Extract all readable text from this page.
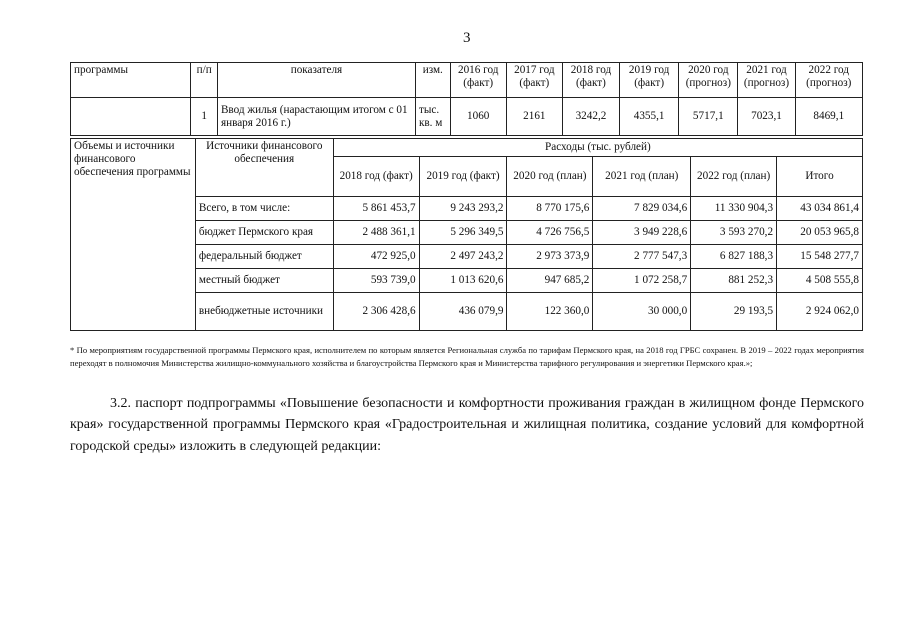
3
программы	п/п	показателя	изм.	2016 год (факт)	2017 год (факт)	2018 год (факт)	2019 год (факт)	2020 год (прогноз)	2021 год (прогноз)	2022 год (прогноз)
	1	Ввод жилья (нарастающим итогом с 01 января 2016 г.)	тыс. кв. м	1060	2161	3242,2	4355,1	5717,1	7023,1	8469,1
Объемы и источники финансового обеспечения программы	Источники финансового обеспечения	Расходы (тыс. рублей)					
		2018 год (факт)	2019 год (факт)	2020 год (план)	2021 год (план)	2022 год (план)	Итого
	Всего, в том числе:	5 861 453,7	9 243 293,2	8 770 175,6	7 829 034,6	11 330 904,3	43 034 861,4
	бюджет Пермского края	2 488 361,1	5 296 349,5	4 726 756,5	3 949 228,6	3 593 270,2	20 053 965,8
	федеральный бюджет	472 925,0	2 497 243,2	2 973 373,9	2 777 547,3	6 827 188,3	15 548 277,7
	местный бюджет	593 739,0	1 013 620,6	947 685,2	1 072 258,7	881 252,3	4 508 555,8
	внебюджетные источники	2 306 428,6	436 079,9	122 360,0	30 000,0	29 193,5	2 924 062,0

* По мероприятиям государственной программы Пермского края, исполнителем по которым является Региональная служба по тарифам Пермского края, на 2018 год ГРБС сохранен. В 2019 – 2022 годах мероприятия переходят в полномочия Министерства жилищно-коммунального хозяйства и благоустройства Пермского края и Министерства тарифного регулирования и энергетики Пермского края.»;

3.2. паспорт подпрограммы «Повышение безопасности и комфортности проживания граждан в жилищном фонде Пермского края» государственной программы Пермского края «Градостроительная и жилищная политика, создание условий для комфортной городской среды» изложить в следующей редакции:
